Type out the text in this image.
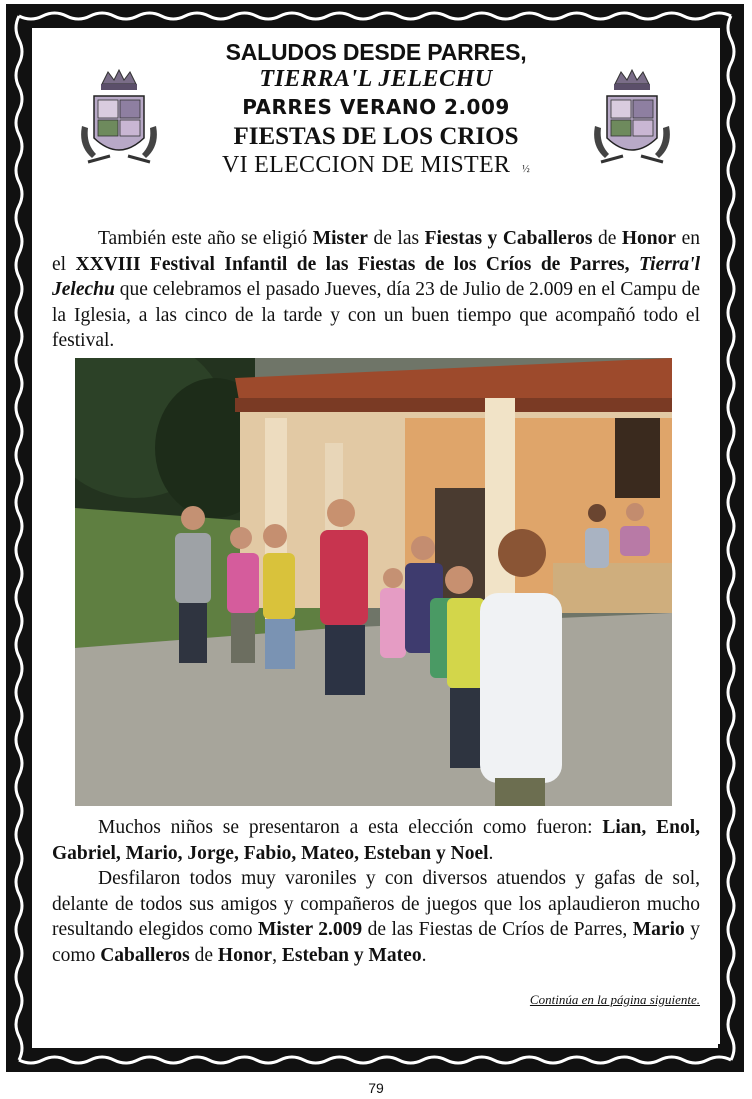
SALUDOS DESDE PARRES,
TIERRA'L JELECHU
PARRES VERANO 2.009
FIESTAS DE LOS CRIOS
VI ELECCION DE MISTER ½

También este año se eligió Mister de las Fiestas y Caballeros de Honor en el XXVIII Festival Infantil de las Fiestas de los Críos de Parres, Tierra'l Jelechu que celebramos el pasado Jueves, día 23 de Julio de 2.009 en el Campu de la Iglesia, a las cinco de la tarde y con un buen tiempo que acompañó todo el festival.

Muchos niños se presentaron a esta elección como fueron: Lian, Enol, Gabriel, Mario, Jorge, Fabio, Mateo, Esteban y Noel.

Desfilaron todos muy varoniles y con diversos atuendos y gafas de sol, delante de todos sus amigos y compañeros de juegos que los aplaudieron mucho resultando elegidos como Mister 2.009 de las Fiestas de Críos de Parres, Mario y como Caballeros de Honor, Esteban y Mateo.

Continúa en la página siguiente.
79
